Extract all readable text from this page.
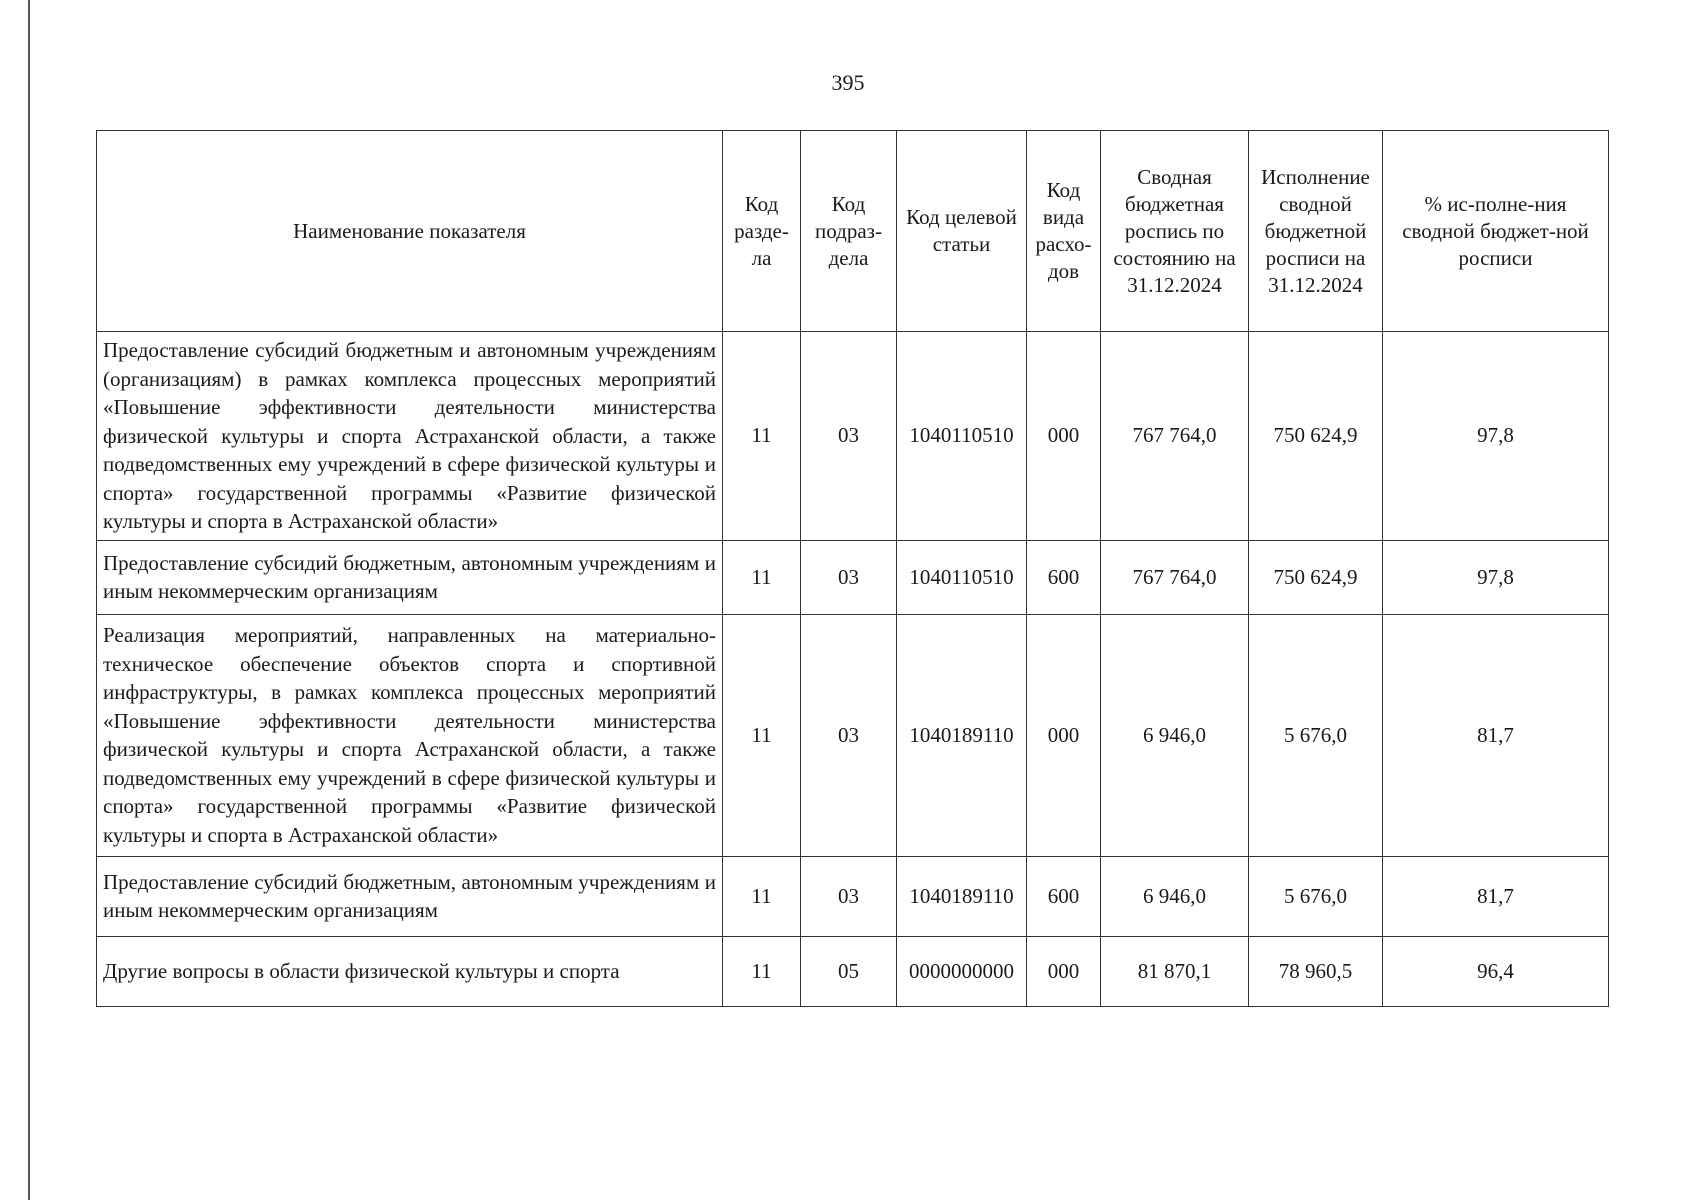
395
Наименование показателя	Код разде-ла	Код подраз-дела	Код целевой статьи	Код вида расхо-дов	Сводная бюджетная роспись по состоянию на 31.12.2024	Исполнение сводной бюджетной росписи на 31.12.2024	% ис-полне-ния сводной бюджет-ной росписи
Предоставление субсидий бюджетным и автономным учреждениям (организациям) в рамках комплекса процессных мероприятий «Повышение эффективности деятельности министерства физической культуры и спорта Астраханской области, а также подведомственных ему учреждений в сфере физической культуры и спорта» государственной программы «Развитие физической культуры и спорта в Астраханской области»	11	03	1040110510	000	767 764,0	750 624,9	97,8
Предоставление субсидий бюджетным, автономным учреждениям и иным некоммерческим организациям	11	03	1040110510	600	767 764,0	750 624,9	97,8
Реализация мероприятий, направленных на материально-техническое обеспечение объектов спорта и спортивной инфраструктуры, в рамках комплекса процессных мероприятий «Повышение эффективности деятельности министерства физической культуры и спорта Астраханской области, а также подведомственных ему учреждений в сфере физической культуры и спорта» государственной программы «Развитие физической культуры и спорта в Астраханской области»	11	03	1040189110	000	6 946,0	5 676,0	81,7
Предоставление субсидий бюджетным, автономным учреждениям и иным некоммерческим организациям	11	03	1040189110	600	6 946,0	5 676,0	81,7
Другие вопросы в области физической культуры и спорта	11	05	0000000000	000	81 870,1	78 960,5	96,4
